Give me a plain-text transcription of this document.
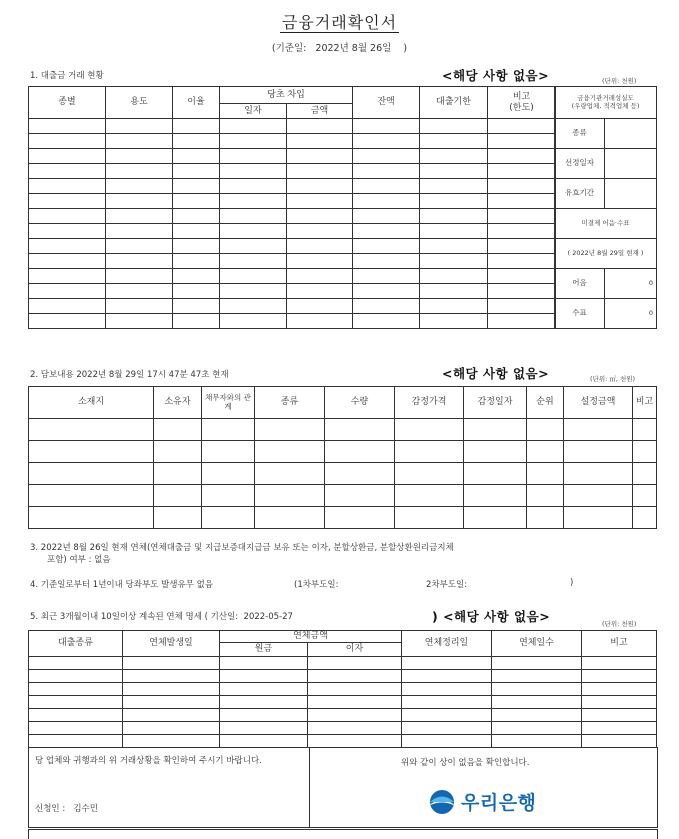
금융거래확인서
(기준일: 2022년 8월 26일 )
1. 대출금 거래 현황	<해당 사항 없음>	(단위: 천원)
종별	용도	이율	당초 차입		잔액	대출기한	비고
(한도)
			일자	금액			

금융기관거래성실도
(우량업체, 적격업체 등)	
종류	
선정일자	
유효기간	
미결제 어음·수표	
( 2022년 8월 29일 현재 )	
어음	0
수표	0
2. 담보내용 2022년 8월 29일 17시 47분 47초 현재	<해당 사항 없음>	(단위: ㎡, 천원)
소재지	소유자	채무자와의 관계	종류	수량	감정가격	감정일자	순위	설정금액	비고

3. 2022년 8월 26일 현재 연체(연체대출금 및 지급보증대지급금 보유 또는 이자, 분할상환금, 분할상환원리금지체
포함) 여부 : 없음
4. 기준일로부터 1년이내 당좌부도 발생유무 없음	(1차부도일:	2차부도일:	)
5. 최근 3개월이내 10일이상 계속된 연체 명세 ( 기산일: 2022-05-27	) <해당 사항 없음>	(단위: 천원)
대출종류	연체발생일	연체금액		연체정리일	연체일수	비고
		원금	이자			

당 업체와 귀행과의 위 거래상황을 확인하여 주시기 바랍니다.
신청인 : 김수민
위와 같이 상이 없음을 확인합니다.
우리은행
